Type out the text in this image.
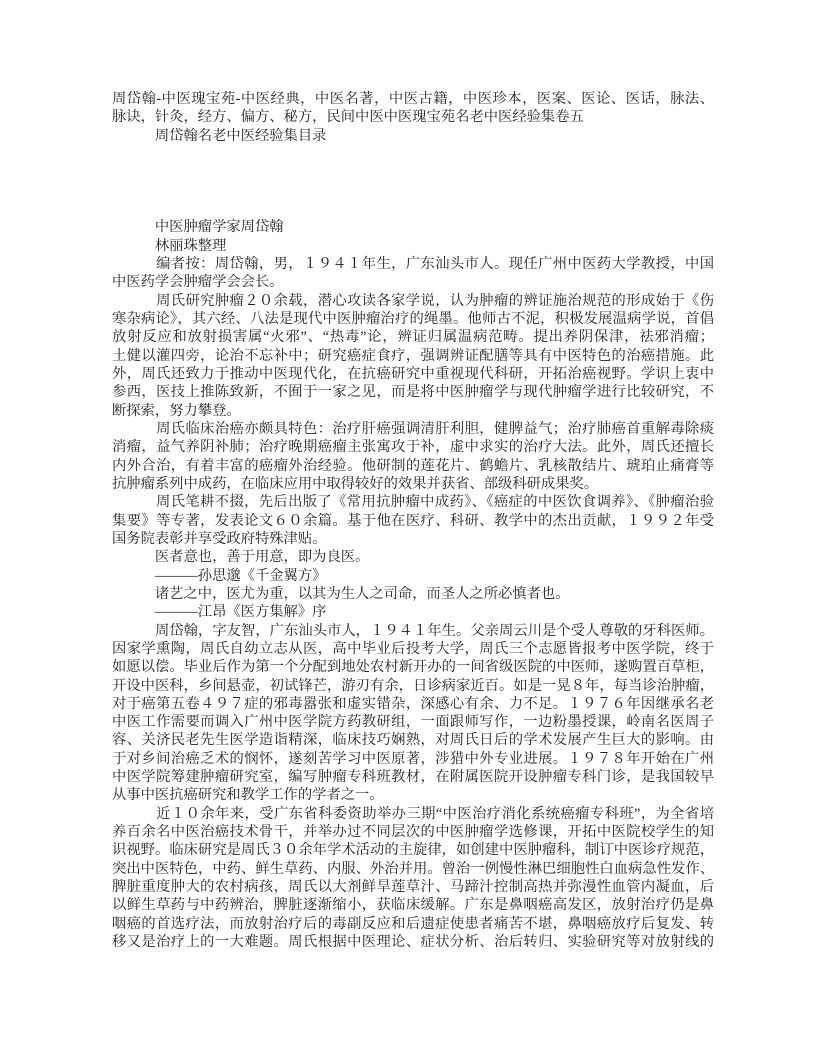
周岱翰-中医瑰宝苑-中医经典，中医名著，中医古籍，中医珍本，医案、医论、医话，脉法、
脉诀，针灸，经方、偏方、秘方，民间中医中医瑰宝苑名老中医经验集卷五
　　　周岱翰名老中医经验集目录
　　　中医肿瘤学家周岱翰
　　　林丽珠整理
　　　编者按：周岱翰，男，１９４１年生，广东汕头市人。现任广州中医药大学教授，中国
中医药学会肿瘤学会会长。
　　　周氏研究肿瘤２０余载，潜心攻读各家学说，认为肿瘤的辨证施治规范的形成始于《伤
寒杂病论》，其六经、八法是现代中医肿瘤治疗的绳墨。他师古不泥，积极发展温病学说，首倡
放射反应和放射损害属“火邪”、“热毒”论，辨证归属温病范畴。提出养阴保津，祛邪消瘤；
土健以灌四旁，论治不忘补中；研究癌症食疗，强调辨证配膳等具有中医特色的治癌措施。此
外，周氏还致力于推动中医现代化，在抗癌研究中重视现代科研，开拓治癌视野。学识上衷中
参西，医技上推陈致新，不囿于一家之见，而是将中医肿瘤学与现代肿瘤学进行比较研究，不
断探索，努力攀登。
　　　周氏临床治癌亦颇具特色：治疗肝癌强调清肝利胆，健脾益气；治疗肺癌首重解毒除痰
消瘤，益气养阴补肺；治疗晚期癌瘤主张寓攻于补，虚中求实的治疗大法。此外，周氏还擅长
内外合治，有着丰富的癌瘤外治经验。他研制的莲花片、鹤蟾片、乳核散结片、琥珀止痛膏等
抗肿瘤系列中成药，在临床应用中取得较好的效果并获省、部级科研成果奖。
　　　周氏笔耕不掇，先后出版了《常用抗肿瘤中成药》、《癌症的中医饮食调养》、《肿瘤治验
集要》等专著，发表论文６０余篇。基于他在医疗、科研、教学中的杰出贡献，１９９２年受
国务院表彰并享受政府特殊津贴。
　　　医者意也，善于用意，即为良医。
　　　———孙思邈《千金翼方》
　　　诸艺之中，医尤为重，以其为生人之司命，而圣人之所必慎者也。
　　　———江昂《医方集解》序
　　　周岱翰，字友智，广东汕头市人，１９４１年生。父亲周云川是个受人尊敬的牙科医师。
因家学熏陶，周氏自幼立志从医，高中毕业后投考大学，周氏三个志愿皆报考中医学院，终于
如愿以偿。毕业后作为第一个分配到地处农村新开办的一间省级医院的中医师，遂购置百草柜，
开设中医科，乡间悬壶，初试锋芒，游刃有余，日诊病家近百。如是一晃８年，每当诊治肿瘤，
对于癌第五卷４９７症的邪毒嚣张和虚实错杂，深感心有余、力不足。１９７６年因继承名老
中医工作需要而调入广州中医学院方药教研组，一面跟师写作，一边粉墨授课，岭南名医周子
容、关济民老先生医学造诣精深，临床技巧娴熟，对周氏日后的学术发展产生巨大的影响。由
于对乡间治癌乏术的悯怀，遂刻苦学习中医原著，涉猎中外专业进展。１９７８年开始在广州
中医学院筹建肿瘤研究室，编写肿瘤专科班教材，在附属医院开设肿瘤专科门诊，是我国较早
从事中医抗癌研究和教学工作的学者之一。
　　　近１０余年来，受广东省科委资助举办三期“中医治疗消化系统癌瘤专科班”，为全省培
养百余名中医治癌技术骨干，并举办过不同层次的中医肿瘤学选修课，开拓中医院校学生的知
识视野。临床研究是周氏３０余年学术活动的主旋律，如创建中医肿瘤科，制订中医诊疗规范，
突出中医特色，中药、鲜生草药、内服、外治并用。曾治一例慢性淋巴细胞性白血病急性发作、
脾脏重度肿大的农村病孩，周氏以大剂鲜旱莲草汁、马蹄汁控制高热并弥漫性血管内凝血，后
以鲜生草药与中药辨治，脾脏逐渐缩小，获临床缓解。广东是鼻咽癌高发区，放射治疗仍是鼻
咽癌的首选疗法，而放射治疗后的毒副反应和后遗症使患者痛苦不堪，鼻咽癌放疗后复发、转
移又是治疗上的一大难题。周氏根据中医理论、症状分析、治后转归、实验研究等对放射线的
